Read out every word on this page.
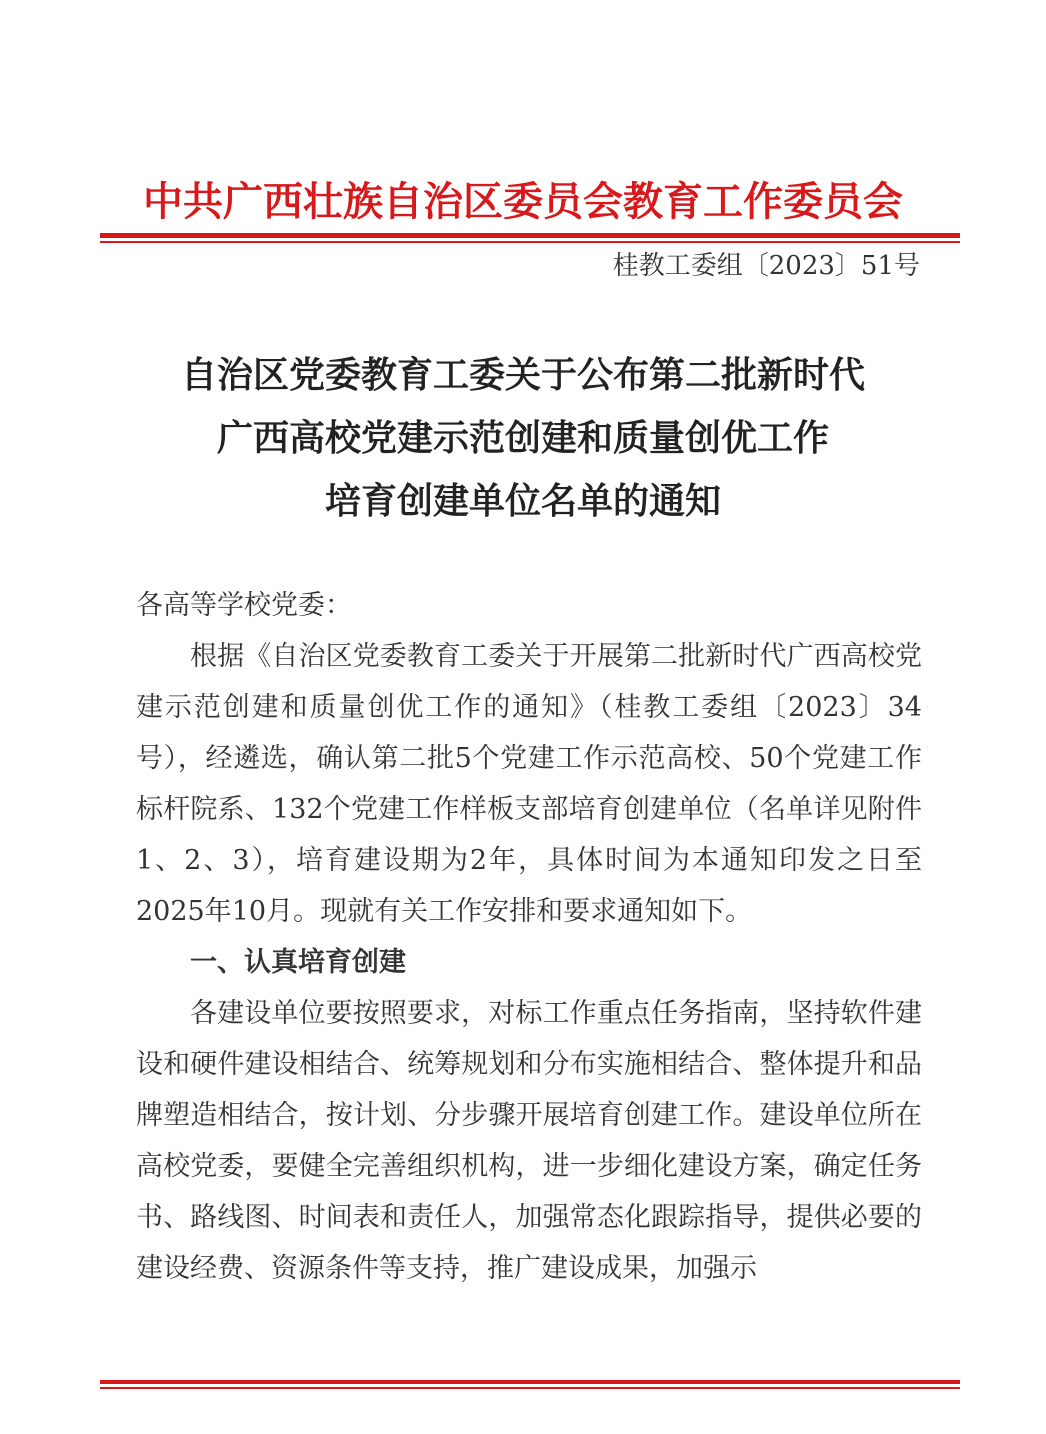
中共广西壮族自治区委员会教育工作委员会
桂教工委组〔2023〕51号
自治区党委教育工委关于公布第二批新时代
广西高校党建示范创建和质量创优工作
培育创建单位名单的通知

各高等学校党委：

根据《自治区党委教育工委关于开展第二批新时代广西高校党建示范创建和质量创优工作的通知》（桂教工委组〔2023〕34号），经遴选，确认第二批5个党建工作示范高校、50个党建工作标杆院系、132个党建工作样板支部培育创建单位（名单详见附件1、2、3），培育建设期为2年，具体时间为本通知印发之日至2025年10月。现就有关工作安排和要求通知如下。

一、认真培育创建

各建设单位要按照要求，对标工作重点任务指南，坚持软件建设和硬件建设相结合、统筹规划和分布实施相结合、整体提升和品牌塑造相结合，按计划、分步骤开展培育创建工作。建设单位所在高校党委，要健全完善组织机构，进一步细化建设方案，确定任务书、路线图、时间表和责任人，加强常态化跟踪指导，提供必要的建设经费、资源条件等支持，推广建设成果，加强示
